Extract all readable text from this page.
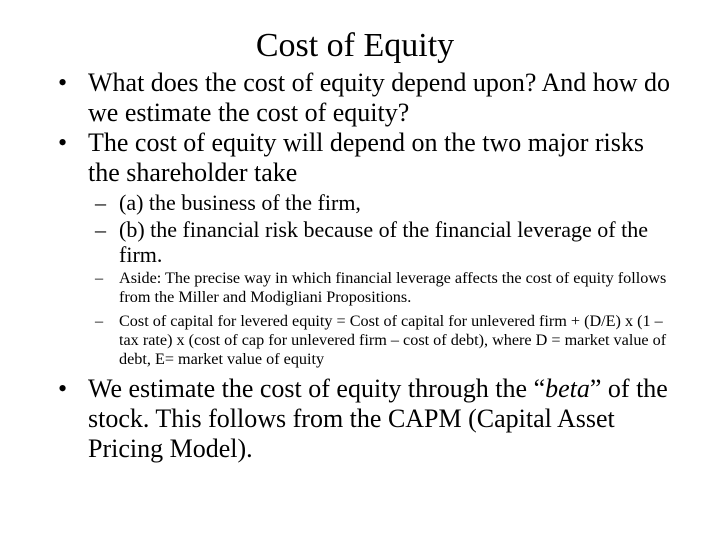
Cost of Equity
• What does the cost of equity depend upon? And how do we estimate the cost of equity?
• The cost of equity will depend on the two major risks the shareholder take
– (a) the business of the firm,
– (b) the financial risk because of the financial leverage of the firm.
– Aside: The precise way in which financial leverage affects the cost of equity follows from the Miller and Modigliani Propositions.
– Cost of capital for levered equity = Cost of capital for unlevered firm + (D/E) x (1 – tax rate) x (cost of cap for unlevered firm – cost of debt), where D = market value of debt, E= market value of equity
• We estimate the cost of equity through the “beta” of the stock. This follows from the CAPM (Capital Asset Pricing Model).
